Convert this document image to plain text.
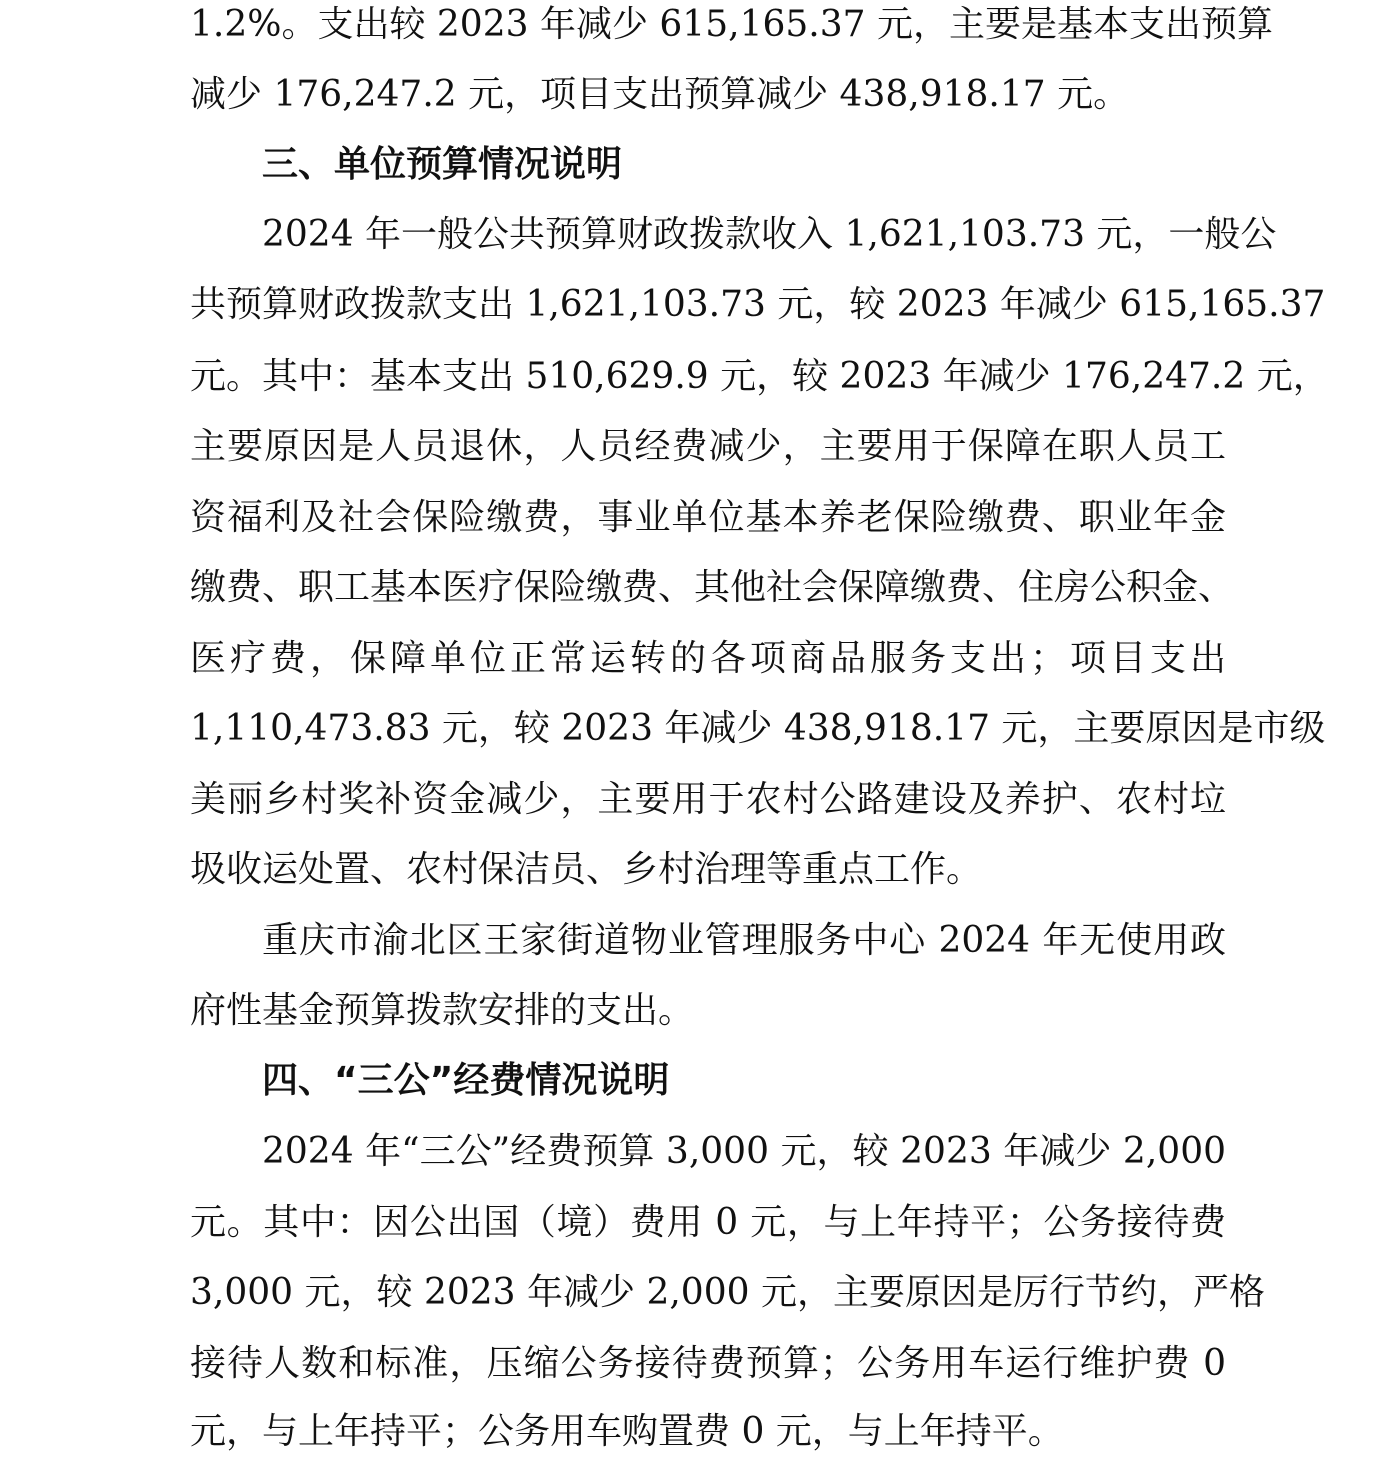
1.2%。支出较 2023 年减少 615,165.37 元，主要是基本支出预算
减少 176,247.2 元，项目支出预算减少 438,918.17 元。
三、单位预算情况说明
2024 年一般公共预算财政拨款收入 1,621,103.73 元，一般公
共预算财政拨款支出 1,621,103.73 元，较 2023 年减少 615,165.37
元。其中：基本支出 510,629.9 元，较 2023 年减少 176,247.2 元，
主要原因是人员退休，人员经费减少，主要用于保障在职人员工
资福利及社会保险缴费，事业单位基本养老保险缴费、职业年金
缴费、职工基本医疗保险缴费、其他社会保障缴费、住房公积金、
医疗费，保障单位正常运转的各项商品服务支出；项目支出
1,110,473.83 元，较 2023 年减少 438,918.17 元，主要原因是市级
美丽乡村奖补资金减少，主要用于农村公路建设及养护、农村垃
圾收运处置、农村保洁员、乡村治理等重点工作。
重庆市渝北区王家街道物业管理服务中心 2024 年无使用政
府性基金预算拨款安排的支出。
四、“三公”经费情况说明
2024 年“三公”经费预算 3,000 元，较 2023 年减少 2,000
元。其中：因公出国（境）费用 0 元，与上年持平；公务接待费
3,000 元，较 2023 年减少 2,000 元，主要原因是厉行节约，严格
接待人数和标准，压缩公务接待费预算；公务用车运行维护费 0
元，与上年持平；公务用车购置费 0 元，与上年持平。
